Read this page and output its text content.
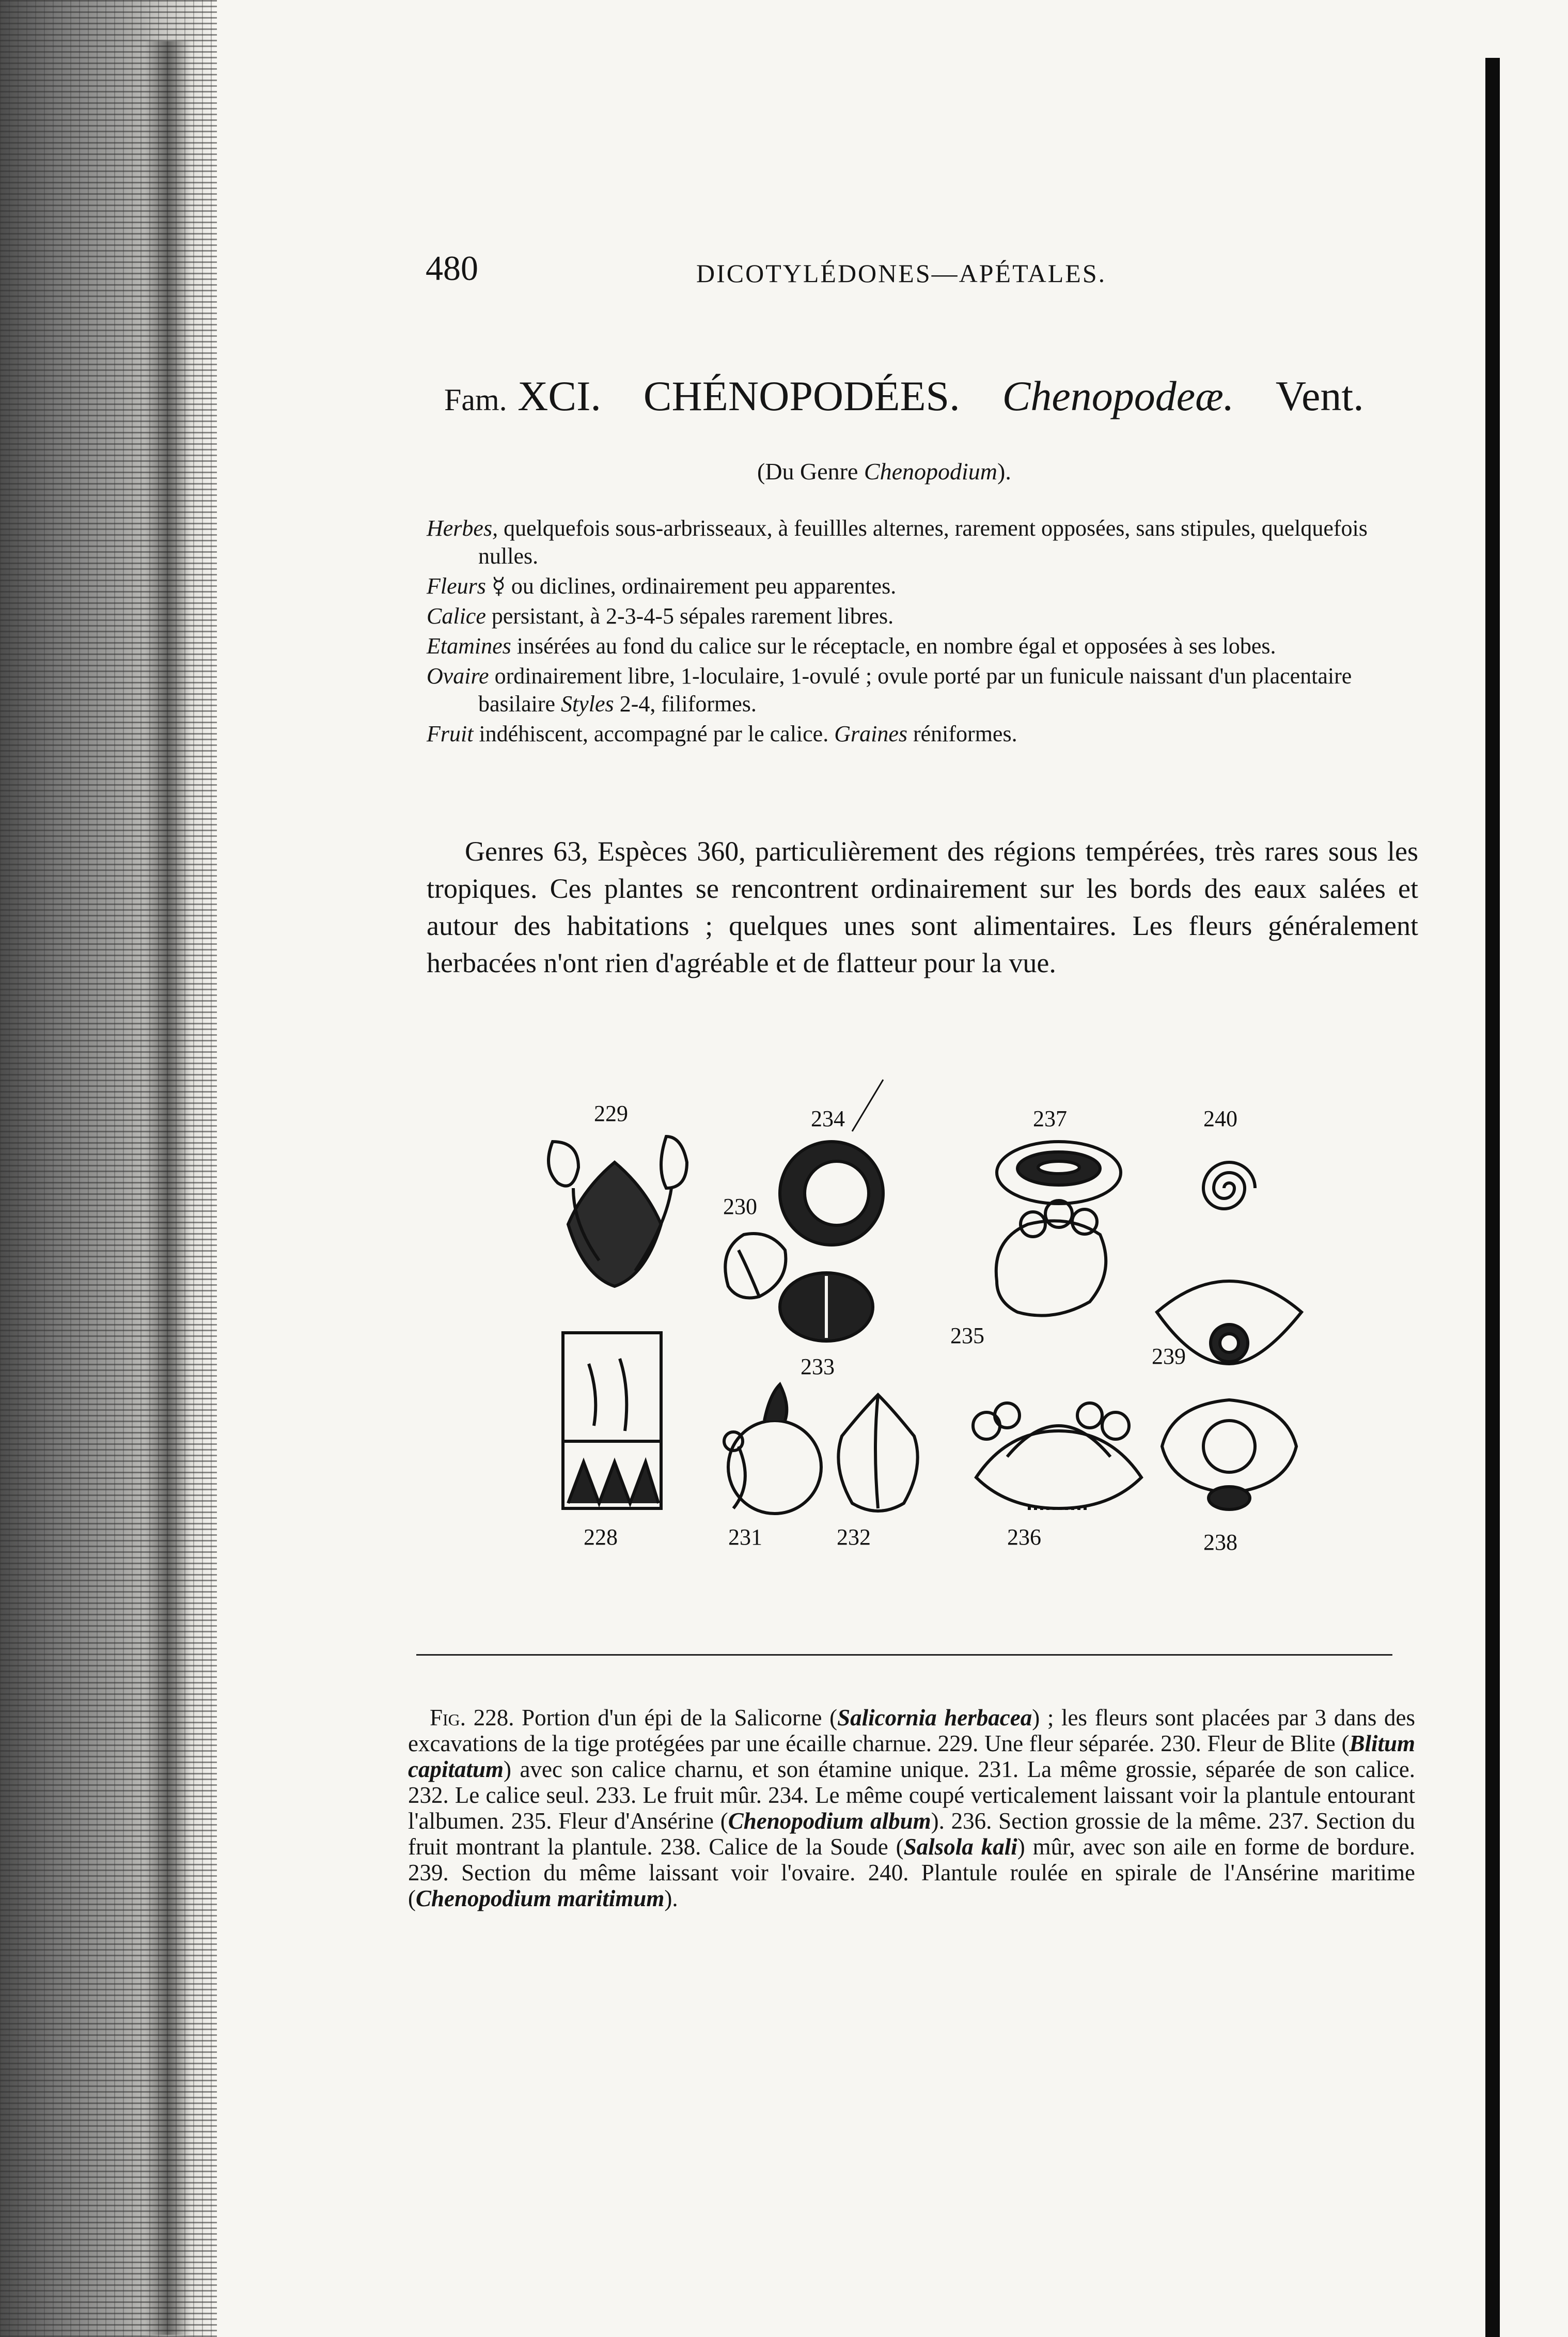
480	DICOTYLÉDONES—APÉTALES.
Fam. XCI. CHÉNOPODÉES. Chenopodeæ. Vent.
(Du Genre Chenopodium).

Herbes, quelquefois sous-arbrisseaux, à feuillles alternes, rarement opposées, sans stipules, quelquefois nulles.

Fleurs ☿ ou diclines, ordinairement peu apparentes.

Calice persistant, à 2-3-4-5 sépales rarement libres.

Etamines insérées au fond du calice sur le réceptacle, en nombre égal et opposées à ses lobes.

Ovaire ordinairement libre, 1-loculaire, 1-ovulé ; ovule porté par un funicule naissant d'un placentaire basilaire Styles 2-4, filiformes.

Fruit indéhiscent, accompagné par le calice. Graines réniformes.

Genres 63, Espèces 360, particulièrement des régions tempérées, très rares sous les tropiques. Ces plantes se rencontrent ordinairement sur les bords des eaux salées et autour des habitations ; quelques unes sont alimentaires. Les fleurs généralement herbacées n'ont rien d'agréable et de flatteur pour la vue.

229	234	237	240
230
235
239
233
228	231	232	236	238

Fig. 228. Portion d'un épi de la Salicorne (Salicornia herbacea) ; les fleurs sont placées par 3 dans des excavations de la tige protégées par une écaille charnue. 229. Une fleur séparée. 230. Fleur de Blite (Blitum capitatum) avec son calice charnu, et son étamine unique. 231. La même grossie, séparée de son calice. 232. Le calice seul. 233. Le fruit mûr. 234. Le même coupé verticalement laissant voir la plantule entourant l'albumen. 235. Fleur d'Ansérine (Chenopodium album). 236. Section grossie de la même. 237. Section du fruit montrant la plantule. 238. Calice de la Soude (Salsola kali) mûr, avec son aile en forme de bordure. 239. Section du même laissant voir l'ovaire. 240. Plantule roulée en spirale de l'Ansérine maritime (Chenopodium maritimum).
